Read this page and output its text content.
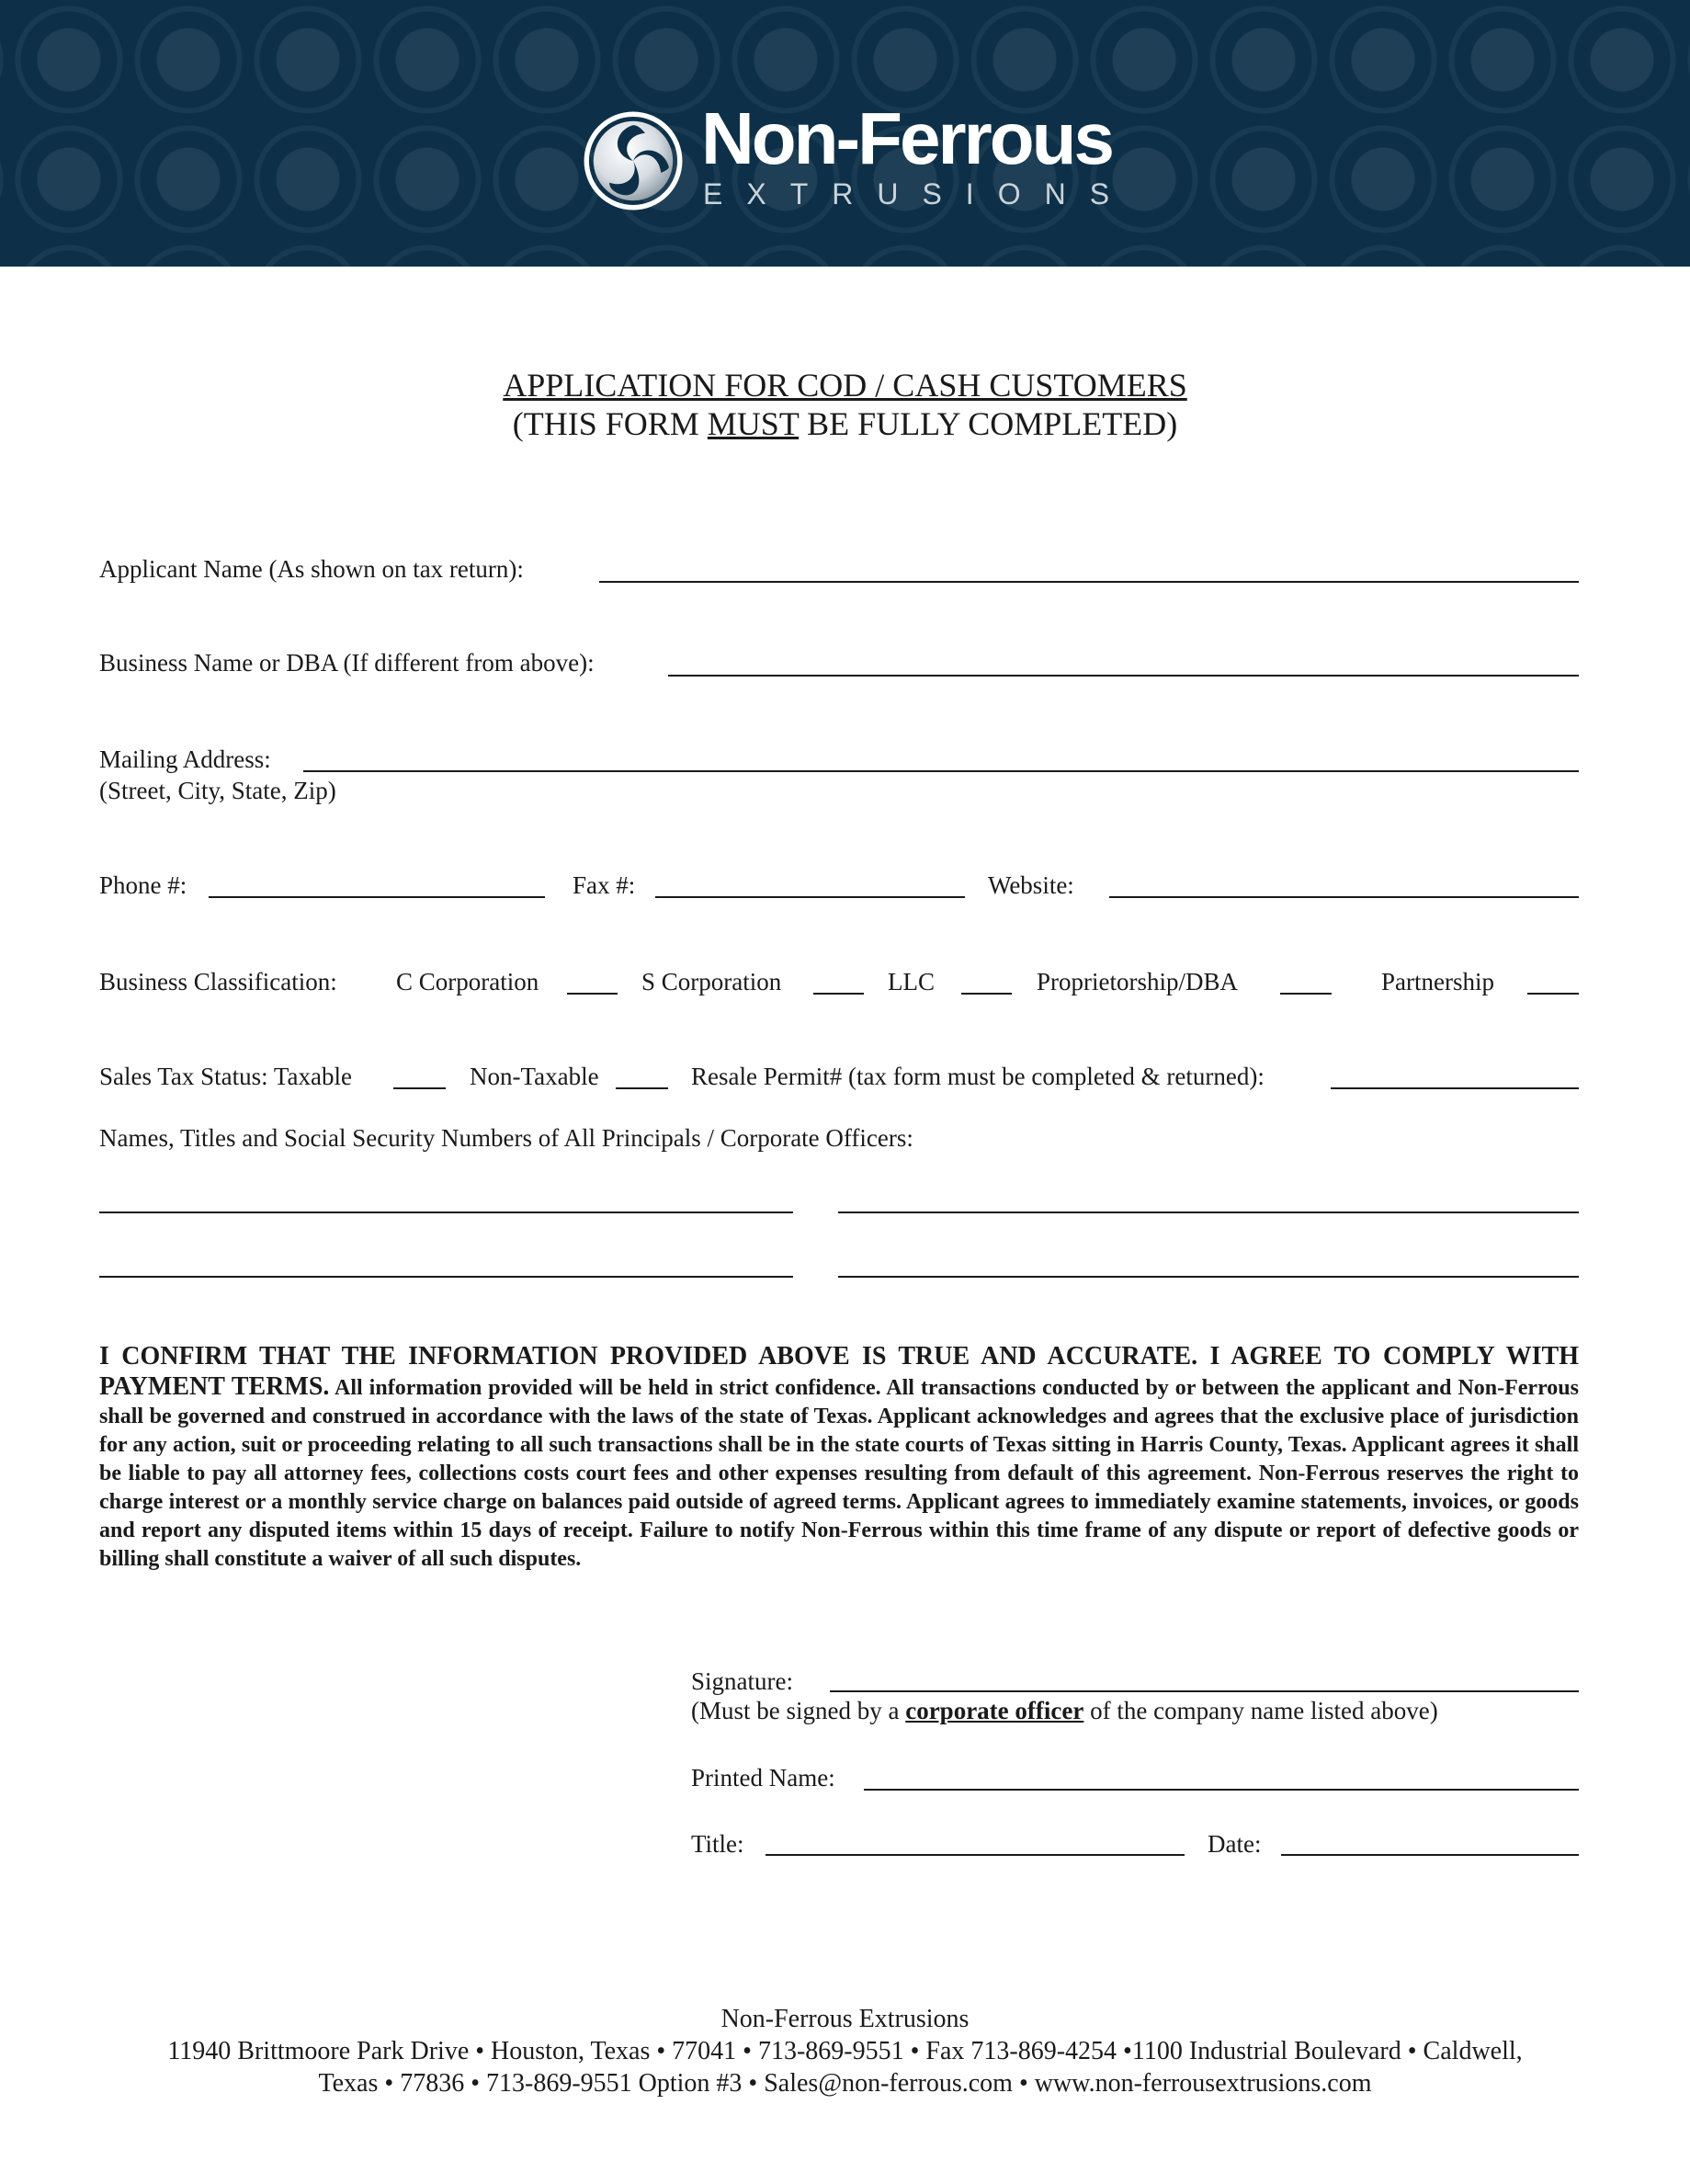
Non-Ferrous
EXTRUSIONS
APPLICATION FOR COD / CASH CUSTOMERS
(THIS FORM MUST BE FULLY COMPLETED)
Applicant Name (As shown on tax return):
Business Name or DBA (If different from above):
Mailing Address:
(Street, City, State, Zip)
Phone #:	Fax #:	Website:
Business Classification: C Corporation	S Corporation	LLC	Proprietorship/DBA	Partnership
Sales Tax Status: Taxable	Non-Taxable	Resale Permit# (tax form must be completed & returned):
Names, Titles and Social Security Numbers of All Principals / Corporate Officers:
I CONFIRM THAT THE INFORMATION PROVIDED ABOVE IS TRUE AND ACCURATE. I AGREE TO COMPLY WITH PAYMENT TERMS. All information provided will be held in strict confidence. All transactions conducted by or between the applicant and Non-Ferrous shall be governed and construed in accordance with the laws of the state of Texas. Applicant acknowledges and agrees that the exclusive place of jurisdiction for any action, suit or proceeding relating to all such transactions shall be in the state courts of Texas sitting in Harris County, Texas. Applicant agrees it shall be liable to pay all attorney fees, collections costs court fees and other expenses resulting from default of this agreement. Non-Ferrous reserves the right to charge interest or a monthly service charge on balances paid outside of agreed terms. Applicant agrees to immediately examine statements, invoices, or goods and report any disputed items within 15 days of receipt. Failure to notify Non-Ferrous within this time frame of any dispute or report of defective goods or billing shall constitute a waiver of all such disputes.
Signature:
(Must be signed by a corporate officer of the company name listed above)
Printed Name:
Title:	Date:
Non-Ferrous Extrusions
11940 Brittmoore Park Drive • Houston, Texas • 77041 • 713-869-9551 • Fax 713-869-4254 •1100 Industrial Boulevard • Caldwell,
Texas • 77836 • 713-869-9551 Option #3 • Sales@non-ferrous.com • www.non-ferrousextrusions.com
